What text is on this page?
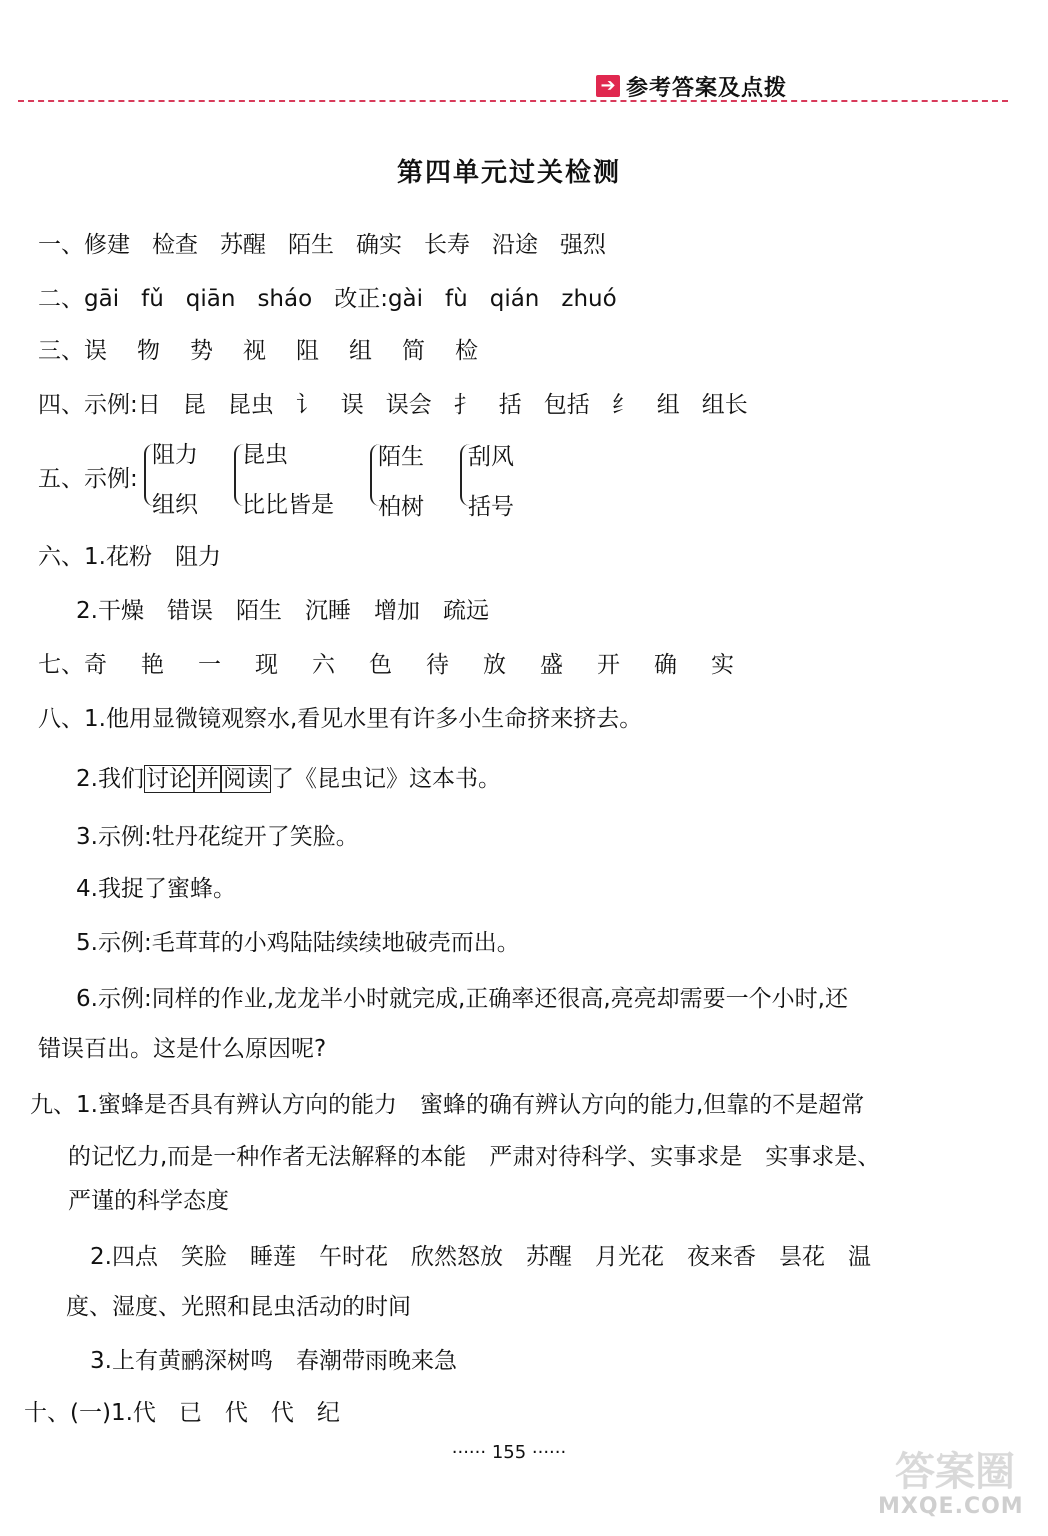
➔ 参考答案及点拨
第四单元过关检测
一、修建 检查 苏醒 陌生 确实 长寿 沿途 强烈
二、gāi fǔ qiān sháo 改正:gài fù qián zhuó
三、误 物 势 视 阻 组 简 检
四、示例:日 昆 昆虫 讠 误 误会 扌 括 包括 纟 组 组长
五、示例:
阻力
组织
昆虫
比比皆是
陌生
柏树
刮风
括号
六、1.花粉　阻力
2.干燥　错误　陌生　沉睡　增加　疏远
七、奇 艳 一 现 六 色 待 放 盛 开 确 实
八、1.他用显微镜观察水,看见水里有许多小生命挤来挤去。
2.我们讨论 并 阅读了《昆虫记》这本书。
3.示例:牡丹花绽开了笑脸。
4.我捉了蜜蜂。
5.示例:毛茸茸的小鸡陆陆续续地破壳而出。
6.示例:同样的作业,龙龙半小时就完成,正确率还很高,亮亮却需要一个小时,还
错误百出。这是什么原因呢?
九、1.蜜蜂是否具有辨认方向的能力　蜜蜂的确有辨认方向的能力,但靠的不是超常
的记忆力,而是一种作者无法解释的本能　严肃对待科学、实事求是　实事求是、
严谨的科学态度
2.四点　笑脸　睡莲　午时花　欣然怒放　苏醒　月光花　夜来香　昙花　温
度、湿度、光照和昆虫活动的时间
3.上有黄鹂深树鸣　春潮带雨晚来急
十、(一)1.代　已　代　代　纪
······ 155 ······	答案圈
MXQE.COM
